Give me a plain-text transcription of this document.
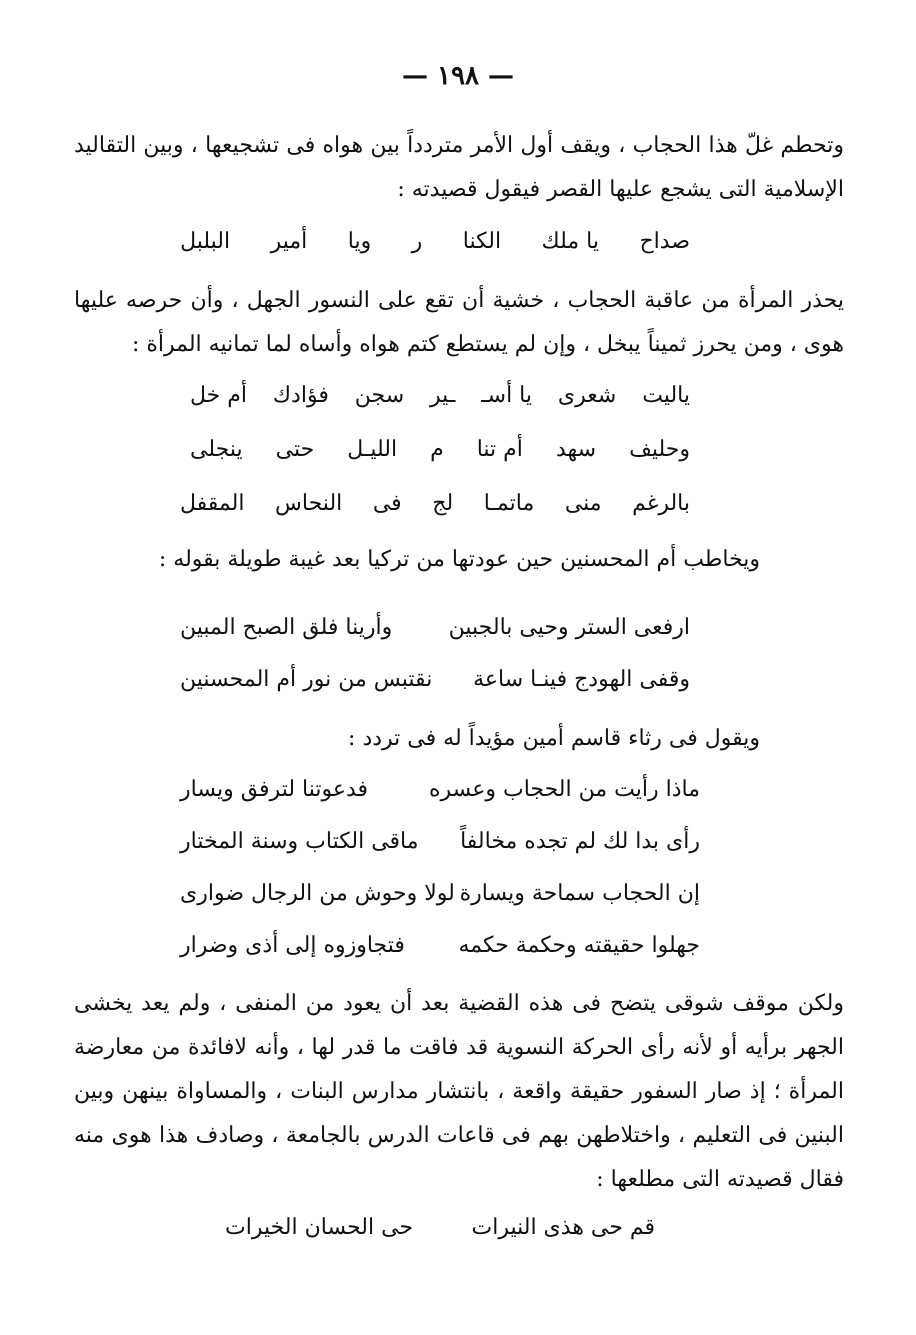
— ١٩٨ —
وتحطم غلّ هذا الحجاب ، ويقف أول الأمر متردداً بين هواه فى تشجيعها ، وبين التقاليد الإسلامية التى يشجع عليها القصر فيقول قصيدته :
صداح
يا ملك
الكنا
ر
ويا
أمير
البلبل
يحذر المرأة من عاقبة الحجاب ، خشية أن تقع على النسور الجهل ، وأن حرصه عليها هوى ، ومن يحرز ثميناً يبخل ، وإن لم يستطع كتم هواه وأساه لما تمانيه المرأة :
ياليت
شعرى
يا أسـ
ـير
سجن
فؤادك
أم خل
وحليف
سهد
أم تنا
م
الليـل
حتى
ينجلى
بالرغم
منى
ماتمـا
لج
فى
النحاس
المقفل
ويخاطب أم المحسنين حين عودتها من تركيا بعد غيبة طويلة بقوله :
ارفعى الستر وحيى بالجبين
وأرينا فلق الصبح المبين
وقفى الهودج فينـا ساعة
نقتبس من نور أم المحسنين
ويقول فى رثاء قاسم أمين مؤيداً له فى تردد :
ماذا رأيت من الحجاب وعسره
فدعوتنا لترفق ويسار
رأى بدا لك لم تجده مخالفاً
ماقى الكتاب وسنة المختار
إن الحجاب سماحة ويسارة
لولا وحوش من الرجال ضوارى
جهلوا حقيقته وحكمة حكمه
فتجاوزوه إلى أذى وضرار
ولكن موقف شوقى يتضح فى هذه القضية بعد أن يعود من المنفى ، ولم يعد يخشى الجهر برأيه أو لأنه رأى الحركة النسوية قد فاقت ما قدر لها ، وأنه لافائدة من معارضة المرأة ؛ إذ صار السفور حقيقة واقعة ، بانتشار مدارس البنات ، والمساواة بينهن وبين البنين فى التعليم ، واختلاطهن بهم فى قاعات الدرس بالجامعة ، وصادف هذا هوى منه فقال قصيدته التى مطلعها :
قم حى هذى النيرات
حى الحسان الخيرات
